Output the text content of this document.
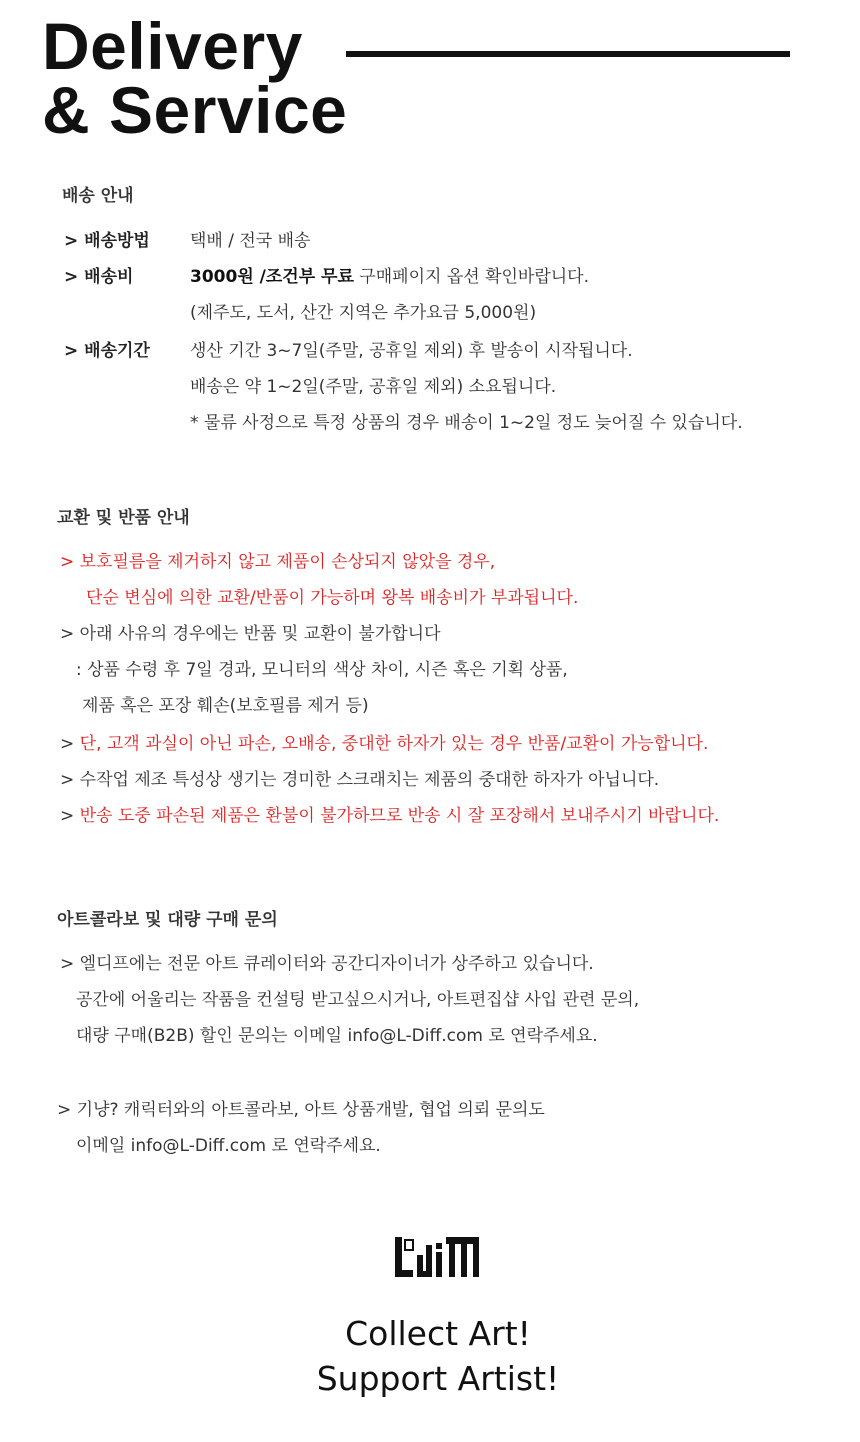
Delivery
& Service
배송 안내
> 배송방법 택배 / 전국 배송
> 배송비	3000원 /조건부 무료 구매페이지 옵션 확인바랍니다.
(제주도, 도서, 산간 지역은 추가요금 5,000원)
> 배송기간 생산 기간 3~7일(주말, 공휴일 제외) 후 발송이 시작됩니다.
배송은 약 1~2일(주말, 공휴일 제외) 소요됩니다.
* 물류 사정으로 특정 상품의 경우 배송이 1~2일 정도 늦어질 수 있습니다.
교환 및 반품 안내
> 보호필름을 제거하지 않고 제품이 손상되지 않았을 경우,
단순 변심에 의한 교환/반품이 가능하며 왕복 배송비가 부과됩니다.
> 아래 사유의 경우에는 반품 및 교환이 불가합니다
: 상품 수령 후 7일 경과, 모니터의 색상 차이, 시즌 혹은 기획 상품,
제품 혹은 포장 훼손(보호필름 제거 등)
> 단, 고객 과실이 아닌 파손, 오배송, 중대한 하자가 있는 경우 반품/교환이 가능합니다.
> 수작업 제조 특성상 생기는 경미한 스크래치는 제품의 중대한 하자가 아닙니다.
> 반송 도중 파손된 제품은 환불이 불가하므로 반송 시 잘 포장해서 보내주시기 바랍니다.
아트콜라보 및 대량 구매 문의
> 엘디프에는 전문 아트 큐레이터와 공간디자이너가 상주하고 있습니다.
공간에 어울리는 작품을 컨설팅 받고싶으시거나, 아트편집샵 사입 관련 문의,
대량 구매(B2B) 할인 문의는 이메일 info@L-Diff.com 로 연락주세요.
> 기냥? 캐릭터와의 아트콜라보, 아트 상품개발, 협업 의뢰 문의도
이메일 info@L-Diff.com 로 연락주세요.
Collect Art!
Support Artist!
